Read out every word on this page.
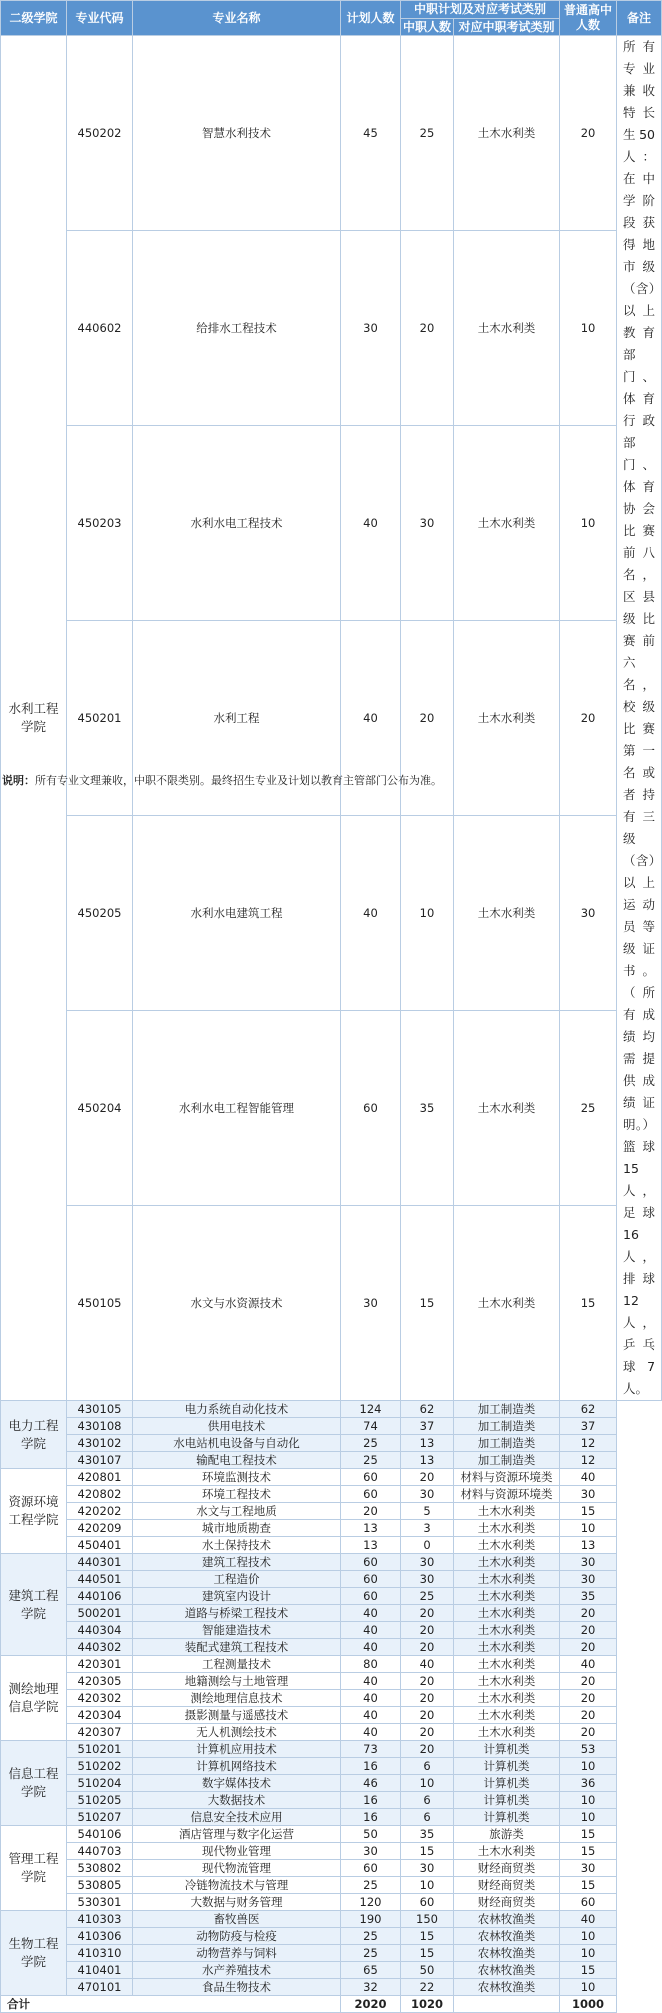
二级学院	专业代码	专业名称	计划人数	中职计划及对应考试类别		普通高中人数	备注
				中职人数	对应中职考试类别		
水利工程学院	450202	智慧水利技术	45	25	土木水利类	20	所有专业兼收特长生50人：在中学阶段获得地市级（含）以上教育部门、体育行政部门、体育协会比赛前八名，区县级比赛前六名，校级比赛第一名或者持有三级（含）以上运动员等级证书。（所有成绩均需提供成绩证明。）篮球15人，足球16人，排球12人，乒乓球7人。
	440602	给排水工程技术	30	20	土木水利类	10	
	450203	水利水电工程技术	40	30	土木水利类	10	
	450201	水利工程	40	20	土木水利类	20	
	450205	水利水电建筑工程	40	10	土木水利类	30	
	450204	水利水电工程智能管理	60	35	土木水利类	25	
	450105	水文与水资源技术	30	15	土木水利类	15	
电力工程学院	430105	电力系统自动化技术	124	62	加工制造类	62	
	430108	供用电技术	74	37	加工制造类	37	
	430102	水电站机电设备与自动化	25	13	加工制造类	12	
	430107	输配电工程技术	25	13	加工制造类	12	
资源环境工程学院	420801	环境监测技术	60	20	材料与资源环境类	40	
	420802	环境工程技术	60	30	材料与资源环境类	30	
	420202	水文与工程地质	20	5	土木水利类	15	
	420209	城市地质勘查	13	3	土木水利类	10	
	450401	水土保持技术	13	0	土木水利类	13	
建筑工程学院	440301	建筑工程技术	60	30	土木水利类	30	
	440501	工程造价	60	30	土木水利类	30	
	440106	建筑室内设计	60	25	土木水利类	35	
	500201	道路与桥梁工程技术	40	20	土木水利类	20	
	440304	智能建造技术	40	20	土木水利类	20	
	440302	装配式建筑工程技术	40	20	土木水利类	20	
测绘地理信息学院	420301	工程测量技术	80	40	土木水利类	40	
	420305	地籍测绘与土地管理	40	20	土木水利类	20	
	420302	测绘地理信息技术	40	20	土木水利类	20	
	420304	摄影测量与遥感技术	40	20	土木水利类	20	
	420307	无人机测绘技术	40	20	土木水利类	20	
信息工程学院	510201	计算机应用技术	73	20	计算机类	53	
	510202	计算机网络技术	16	6	计算机类	10	
	510204	数字媒体技术	46	10	计算机类	36	
	510205	大数据技术	16	6	计算机类	10	
	510207	信息安全技术应用	16	6	计算机类	10	
管理工程学院	540106	酒店管理与数字化运营	50	35	旅游类	15	
	440703	现代物业管理	30	15	土木水利类	15	
	530802	现代物流管理	60	30	财经商贸类	30	
	530805	冷链物流技术与管理	25	10	财经商贸类	15	
	530301	大数据与财务管理	120	60	财经商贸类	60	
生物工程学院	410303	畜牧兽医	190	150	农林牧渔类	40	
	410306	动物防疫与检疫	25	15	农林牧渔类	10	
	410310	动物营养与饲料	25	15	农林牧渔类	10	
	410401	水产养殖技术	65	50	农林牧渔类	15	
	470101	食品生物技术	32	22	农林牧渔类	10	
合计			2020	1020		1000	
说明：所有专业文理兼收，中职不限类别。最终招生专业及计划以教育主管部门公布为准。
